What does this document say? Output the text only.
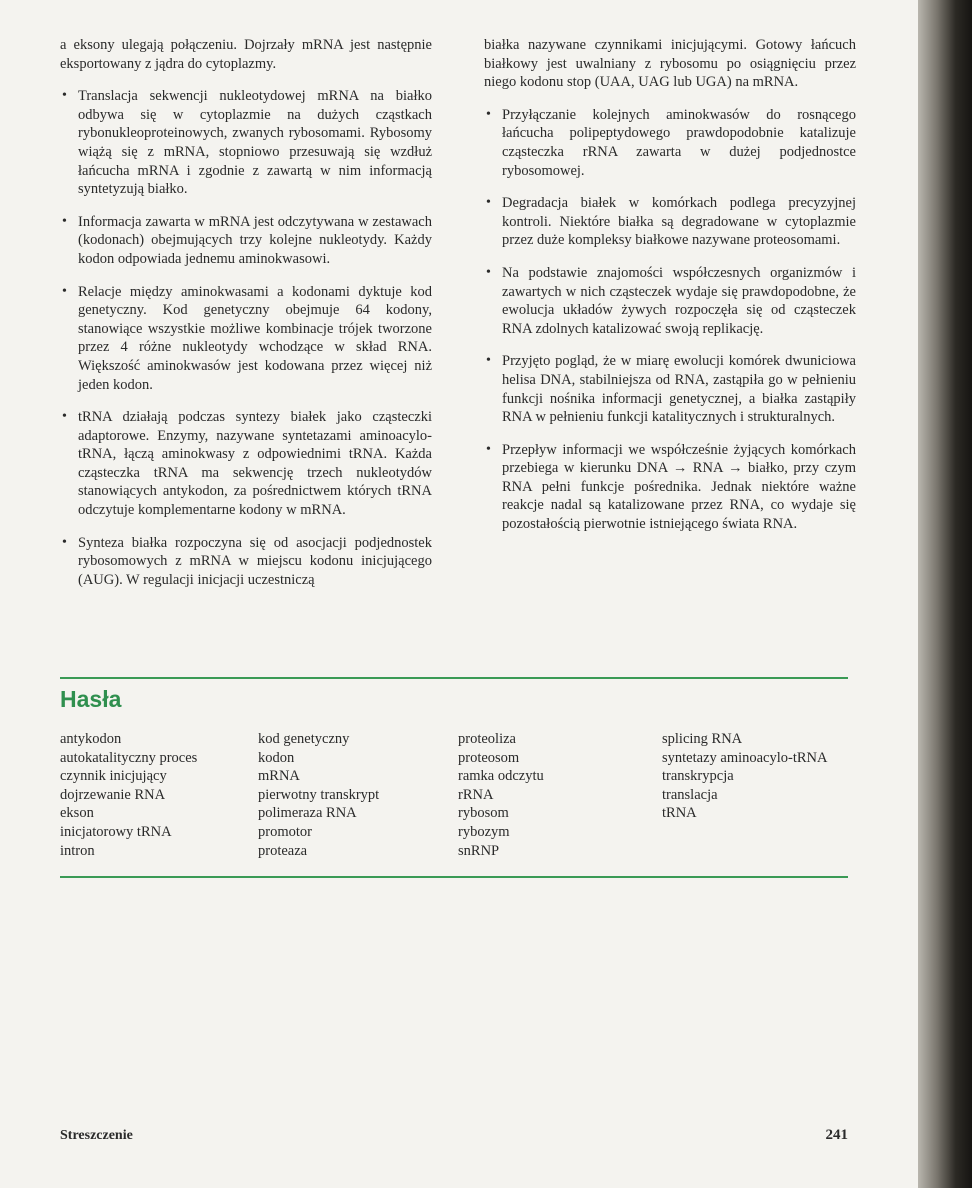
a eksony ulegają połączeniu. Dojrzały mRNA jest następnie eksportowany z jądra do cytoplazmy.

• Translacja sekwencji nukleotydowej mRNA na białko odbywa się w cytoplazmie na dużych cząstkach rybonukleoproteinowych, zwanych rybosomami. Rybosomy wiążą się z mRNA, stopniowo przesuwają się wzdłuż łańcucha mRNA i zgodnie z zawartą w nim informacją syntetyzują białko.

• Informacja zawarta w mRNA jest odczytywana w zestawach (kodonach) obejmujących trzy kolejne nukleotydy. Każdy kodon odpowiada jednemu aminokwasowi.

• Relacje między aminokwasami a kodonami dyktuje kod genetyczny. Kod genetyczny obejmuje 64 kodony, stanowiące wszystkie możliwe kombinacje trójek tworzone przez 4 różne nukleotydy wchodzące w skład RNA. Większość aminokwasów jest kodowana przez więcej niż jeden kodon.

• tRNA działają podczas syntezy białek jako cząsteczki adaptorowe. Enzymy, nazywane syntetazami aminoacylo-tRNA, łączą aminokwasy z odpowiednimi tRNA. Każda cząsteczka tRNA ma sekwencję trzech nukleotydów stanowiących antykodon, za pośrednictwem których tRNA odczytuje komplementarne kodony w mRNA.

• Synteza białka rozpoczyna się od asocjacji podjednostek rybosomowych z mRNA w miejscu kodonu inicjującego (AUG). W regulacji inicjacji uczestniczą

białka nazywane czynnikami inicjującymi. Gotowy łańcuch białkowy jest uwalniany z rybosomu po osiągnięciu przez niego kodonu stop (UAA, UAG lub UGA) na mRNA.

• Przyłączanie kolejnych aminokwasów do rosnącego łańcucha polipeptydowego prawdopodobnie katalizuje cząsteczka rRNA zawarta w dużej podjednostce rybosomowej.

• Degradacja białek w komórkach podlega precyzyjnej kontroli. Niektóre białka są degradowane w cytoplazmie przez duże kompleksy białkowe nazywane proteosomami.

• Na podstawie znajomości współczesnych organizmów i zawartych w nich cząsteczek wydaje się prawdopodobne, że ewolucja układów żywych rozpoczęła się od cząsteczek RNA zdolnych katalizować swoją replikację.

• Przyjęto pogląd, że w miarę ewolucji komórek dwuniciowa helisa DNA, stabilniejsza od RNA, zastąpiła go w pełnieniu funkcji nośnika informacji genetycznej, a białka zastąpiły RNA w pełnieniu funkcji katalitycznych i strukturalnych.

• Przepływ informacji we współcześnie żyjących komórkach przebiega w kierunku DNA → RNA → białko, przy czym RNA pełni funkcje pośrednika. Jednak niektóre ważne reakcje nadal są katalizowane przez RNA, co wydaje się pozostałością pierwotnie istniejącego świata RNA.

Hasła
antykodon
autokatalityczny proces
czynnik inicjujący
dojrzewanie RNA
ekson
inicjatorowy tRNA
intron
kod genetyczny
kodon
mRNA
pierwotny transkrypt
polimeraza RNA
promotor
proteaza
proteoliza
proteosom
ramka odczytu
rRNA
rybosom
rybozym
snRNP
splicing RNA
syntetazy aminoacylo-tRNA
transkrypcja
translacja
tRNA
Streszczenie	241
